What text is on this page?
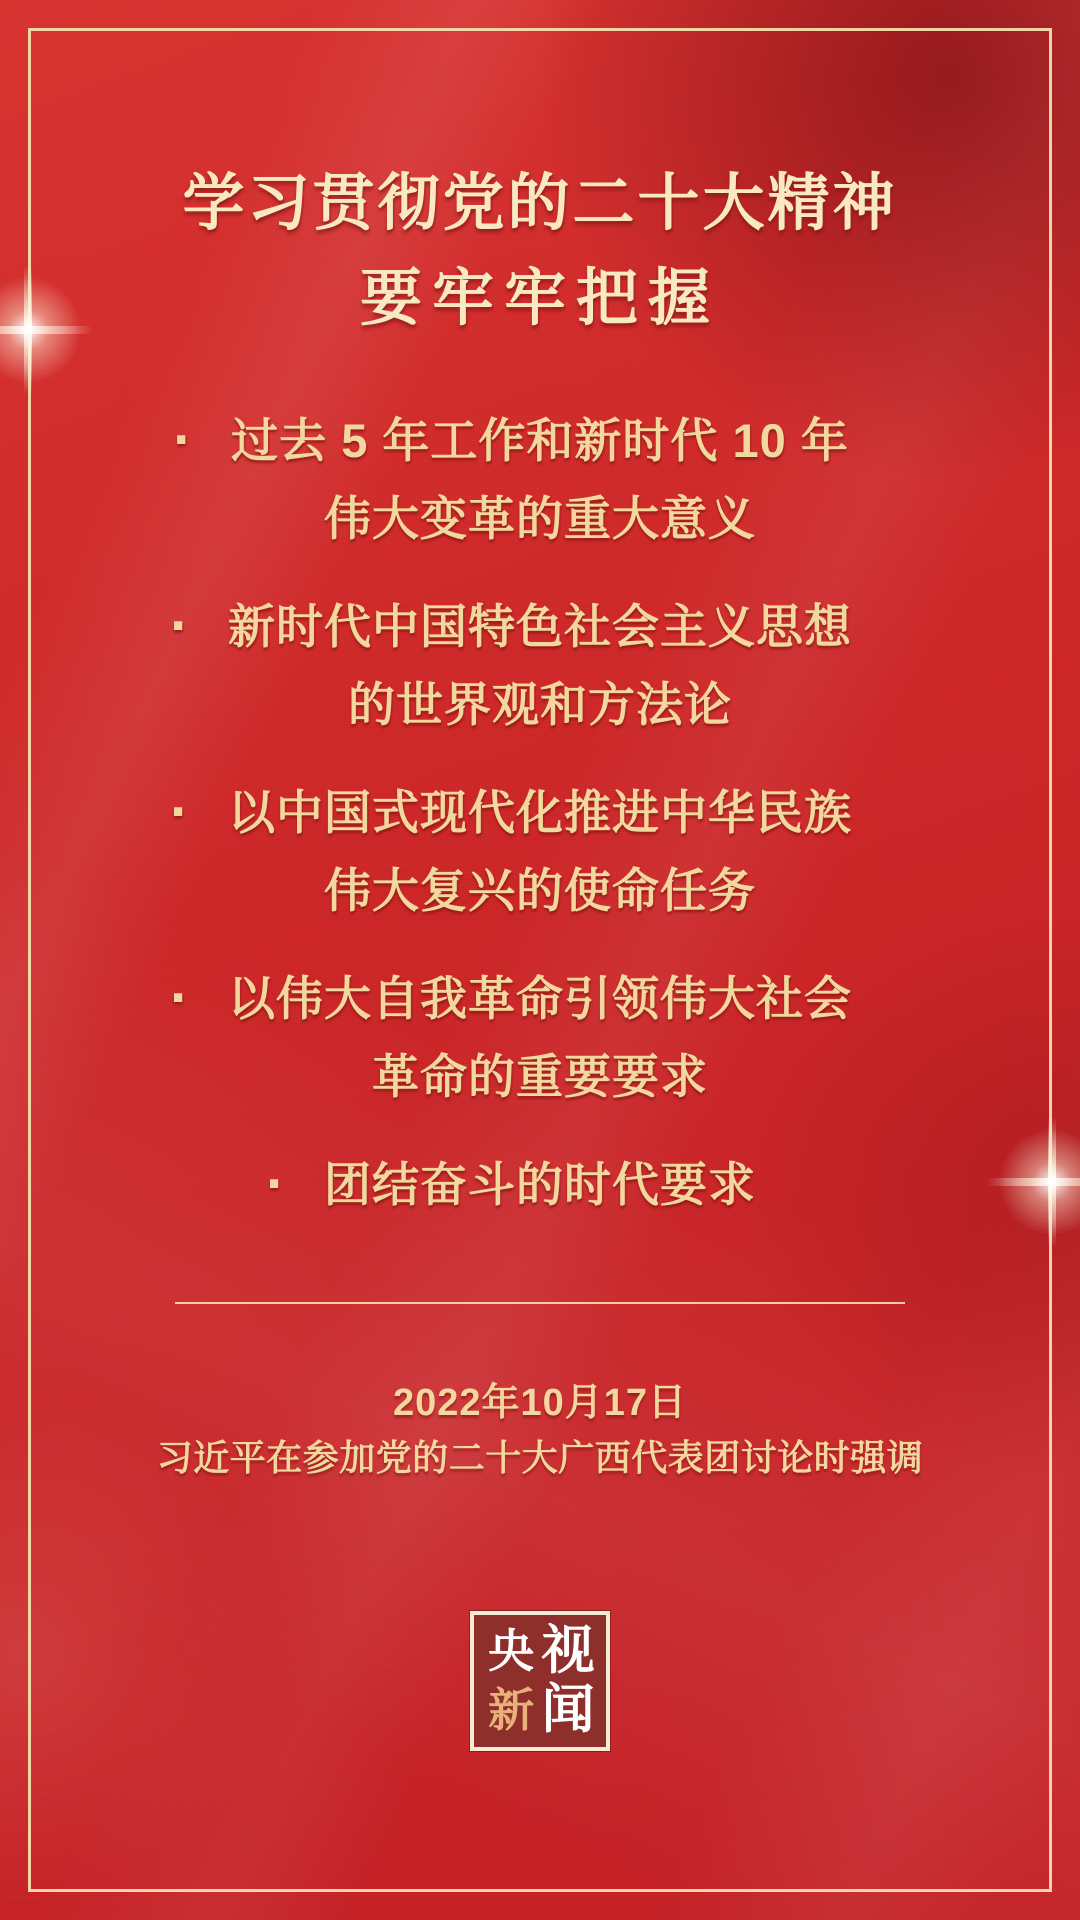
学习贯彻党的二十大精神
要牢牢把握
· 过去 5 年工作和新时代 10 年
伟大变革的重大意义
· 新时代中国特色社会主义思想
的世界观和方法论
· 以中国式现代化推进中华民族
伟大复兴的使命任务
· 以伟大自我革命引领伟大社会
革命的重要要求
· 团结奋斗的时代要求
2022年10月17日
习近平在参加党的二十大广西代表团讨论时强调
央 视
新 闻
